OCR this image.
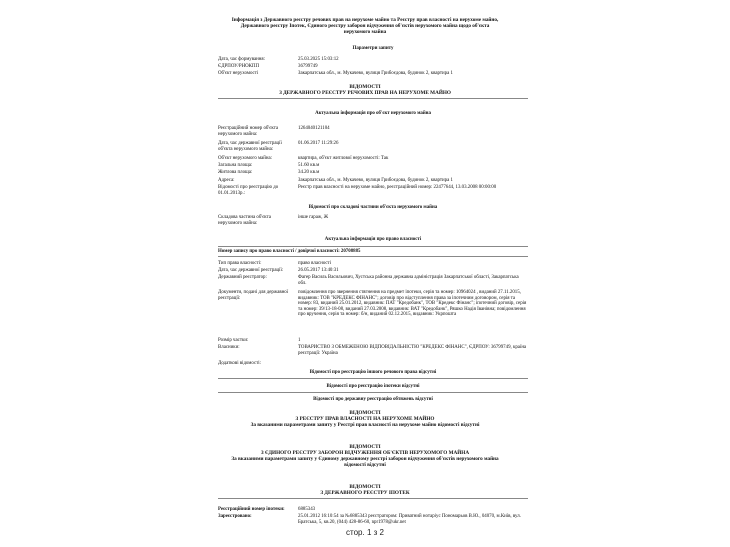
Інформація з Державного реєстру речових прав на нерухоме майно та Реєстру прав власності на нерухоме майно,
Державного реєстру Іпотек, Єдиного реєстру заборон відчуження об'єктів нерухомого майна щодо об'єкта
нерухомого майна
Параметри запиту
Дата, час формування:	25.03.2025 15:03:12
ЄДРПОУ/РНОКПП	36799749
Об'єкт нерухомості	Закарпатська обл., м. Мукачево, вулиця Грибоєдова, будинок 2, квартира 1
ВІДОМОСТІ
З ДЕРЖАВНОГО РЕЄСТРУ РЕЧОВИХ ПРАВ НА НЕРУХОМЕ МАЙНО
Актуальна інформація про об'єкт нерухомого майна
Реєстраційний номер об'єкта нерухомого майна:
1264040121104
Дата, час державної реєстрації об'єкта нерухомого майна:
01.06.2017 11:29:26
Об'єкт нерухомого майна:	квартира, об'єкт житлової нерухомості: Так
Загальна площа:	51.60 кв.м
Житлова площа:	34.20 кв.м
Адреса:	Закарпатська обл., м. Мукачево, вулиця Грибоєдова, будинок 2, квартира 1
Відомості про реєстрацію до 01.01.2013р.:
Реєстр прав власності на нерухоме майно, реєстраційний номер: 22477644, 13.03.2008 00:00:00
Відомості про складові частини об'єкта нерухомого майна
Складова частина об'єкта нерухомого майна:
інше гараж, Ж
Актуальна інформація про право власності
Номер запису про право власності / довірчої власності: 20708885
Тип права власності:	право власності
Дата, час державної реєстрації:	26.05.2017 13:40:31
Державний реєстратор:	Фагер Василь Васильович, Хустська районна державна адміністрація Закарпатської області, Закарпатська обл.
Документи, подані для державної реєстрації:
повідомлення про звернення стягнення на предмет іпотеки, серія та номер: 10964024 , виданий 27.11.2015, видавник: ТОВ "КРЕДЕКС ФІНАНС"; договір про відступлення права за іпотечним договором, серія та номер: 83, виданий 25.01.2012, видавник: ПАТ "Кредобанк", ТОВ "Кредекс Фінанс"; іпотечний договір, серія та номер: 39/13-18-08, виданий 27.03.2008, видавник: ВАТ "Кредобанк", Ряшко Надія Іванівна; повідомлення про вручення, серія та номер: б/н, виданий 02.12.2015, видавник: Укрпошта
Розмір частки:	1
Власники:	ТОВАРИСТВО З ОБМЕЖЕНОЮ ВІДПОВІДАЛЬНІСТЮ "КРЕДЕКС ФІНАНС", ЄДРПОУ: 36799749, країна реєстрації: Україна
Додаткові відомості:
Відомості про реєстрацію іншого речового права відсутні
Відомості про реєстрацію іпотеки відсутні
Відомості про державну реєстрацію обтяжень відсутні
ВІДОМОСТІ
З РЕЄСТРУ ПРАВ ВЛАСНОСТІ НА НЕРУХОМЕ МАЙНО
За вказаними параметрами запиту у Реєстрі прав власності на нерухоме майно відомості відсутні
ВІДОМОСТІ
З ЄДИНОГО РЕЄСТРУ ЗАБОРОН ВІДЧУЖЕННЯ ОБ'ЄКТІВ НЕРУХОМОГО МАЙНА
За вказаними параметрами запиту у Єдиному державному реєстрі заборон відчуження об'єктів нерухомого майна
відомості відсутні
ВІДОМОСТІ
З ДЕРЖАВНОГО РЕЄСТРУ ІПОТЕК
Реєстраційний номер іпотеки:	6885343
Зареєстровано:	25.01.2012 16:10:54 за №6885343 реєстратором: Приватний нотаріус Пономарьов В.Ю., 04070, м.Київ, вул. Братська, 5, кв.20, (044) 428-86-60, npr1978@ukr.net
стор. 1 з 2
